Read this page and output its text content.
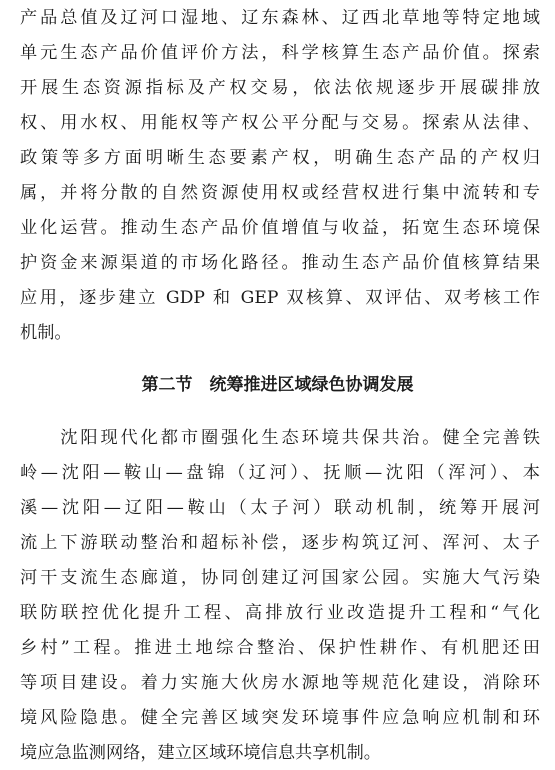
产品总值及辽河口湿地、辽东森林、辽西北草地等特定地域
单元生态产品价值评价方法，科学核算生态产品价值。探索
开展生态资源指标及产权交易，依法依规逐步开展碳排放
权、用水权、用能权等产权公平分配与交易。探索从法律、
政策等多方面明晰生态要素产权，明确生态产品的产权归
属，并将分散的自然资源使用权或经营权进行集中流转和专
业化运营。推动生态产品价值增值与收益，拓宽生态环境保
护资金来源渠道的市场化路径。推动生态产品价值核算结果
应用，逐步建立 GDP 和 GEP 双核算、双评估、双考核工作
机制。
第二节　统筹推进区域绿色协调发展
　　沈阳现代化都市圈强化生态环境共保共治。健全完善铁
岭—沈阳—鞍山—盘锦（辽河）、抚顺—沈阳（浑河）、本
溪—沈阳—辽阳—鞍山（太子河）联动机制，统筹开展河
流上下游联动整治和超标补偿，逐步构筑辽河、浑河、太子
河干支流生态廊道，协同创建辽河国家公园。实施大气污染
联防联控优化提升工程、高排放行业改造提升工程和“气化
乡村”工程。推进土地综合整治、保护性耕作、有机肥还田
等项目建设。着力实施大伙房水源地等规范化建设，消除环
境风险隐患。健全完善区域突发环境事件应急响应机制和环
境应急监测网络，建立区域环境信息共享机制。
